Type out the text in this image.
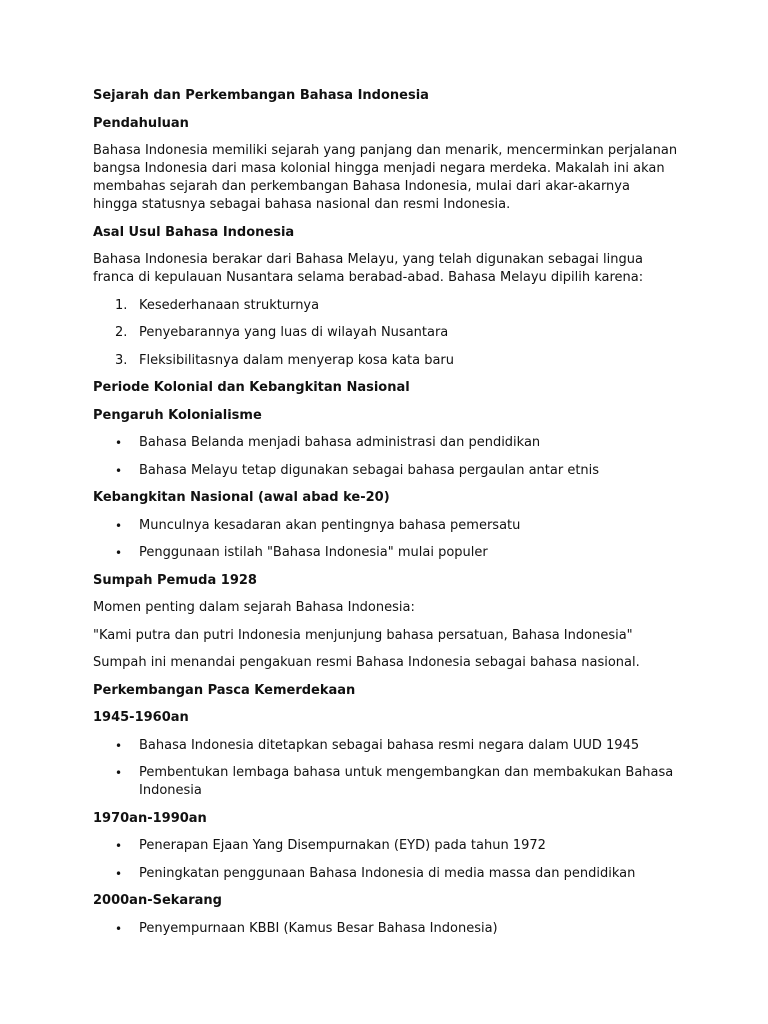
Sejarah dan Perkembangan Bahasa Indonesia
Pendahuluan
Bahasa Indonesia memiliki sejarah yang panjang dan menarik, mencerminkan perjalanan bangsa Indonesia dari masa kolonial hingga menjadi negara merdeka. Makalah ini akan membahas sejarah dan perkembangan Bahasa Indonesia, mulai dari akar-akarnya hingga statusnya sebagai bahasa nasional dan resmi Indonesia.
Asal Usul Bahasa Indonesia
Bahasa Indonesia berakar dari Bahasa Melayu, yang telah digunakan sebagai lingua franca di kepulauan Nusantara selama berabad-abad. Bahasa Melayu dipilih karena:
1. Kesederhanaan strukturnya
2. Penyebarannya yang luas di wilayah Nusantara
3. Fleksibilitasnya dalam menyerap kosa kata baru
Periode Kolonial dan Kebangkitan Nasional
Pengaruh Kolonialisme
• Bahasa Belanda menjadi bahasa administrasi dan pendidikan
• Bahasa Melayu tetap digunakan sebagai bahasa pergaulan antar etnis
Kebangkitan Nasional (awal abad ke-20)
• Munculnya kesadaran akan pentingnya bahasa pemersatu
• Penggunaan istilah "Bahasa Indonesia" mulai populer
Sumpah Pemuda 1928
Momen penting dalam sejarah Bahasa Indonesia:
"Kami putra dan putri Indonesia menjunjung bahasa persatuan, Bahasa Indonesia"
Sumpah ini menandai pengakuan resmi Bahasa Indonesia sebagai bahasa nasional.
Perkembangan Pasca Kemerdekaan
1945-1960an
• Bahasa Indonesia ditetapkan sebagai bahasa resmi negara dalam UUD 1945
• Pembentukan lembaga bahasa untuk mengembangkan dan membakukan Bahasa Indonesia
1970an-1990an
• Penerapan Ejaan Yang Disempurnakan (EYD) pada tahun 1972
• Peningkatan penggunaan Bahasa Indonesia di media massa dan pendidikan
2000an-Sekarang
• Penyempurnaan KBBI (Kamus Besar Bahasa Indonesia)
